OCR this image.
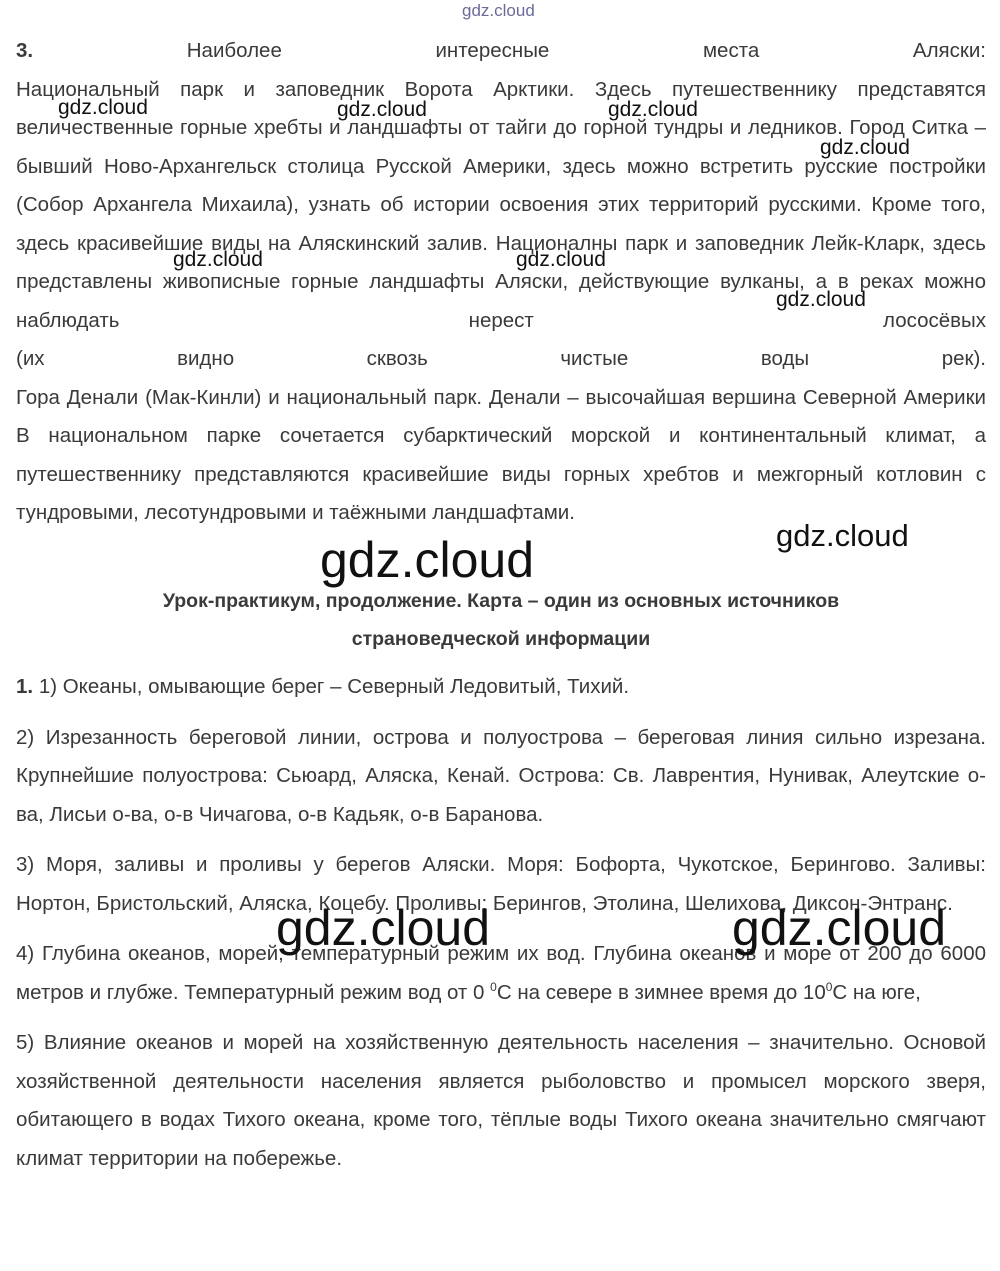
gdz.cloud

3.	Наиболее	интересные	места	Аляски:

Национальный парк и заповедник Ворота Арктики. Здесь путешественнику представятся величественные горные хребты и ландшафты от тайги до горной тундры и ледников. Город Ситка – бывший Ново-Архангельск столица Русской Америки, здесь можно встретить русские постройки (Собор Архангела Михаила), узнать об истории освоения этих территорий русскими. Кроме того, здесь красивейшие виды на Аляскинский залив. Националны парк и заповедник Лейк-Кларк, здесь представлены живописные горные ландшафты Аляски, действующие вулканы, а в реках можно наблюдать нерест лососёвых

(их видно сквозь чистые воды рек).

Гора Денали (Мак-Кинли) и национальный парк. Денали – высочайшая вершина Северной Америки В национальном парке сочетается субарктический морской и континентальный климат, а путешественнику представляются красивейшие виды горных хребтов и межгорный котловин с тундровыми, лесотундровыми и таёжными ландшафтами.

Урок-практикум, продолжение. Карта – один из основных источников

страноведческой информации

1. 1) Океаны, омывающие берег – Северный Ледовитый, Тихий.

2) Изрезанность береговой линии, острова и полуострова – береговая линия сильно изрезана. Крупнейшие полуострова: Сьюард, Аляска, Кенай. Острова: Св. Лаврентия, Нунивак, Алеутские о-ва, Лисьи о-ва, о-в Чичагова, о-в Кадьяк, о-в Баранова.

3) Моря, заливы и проливы у берегов Аляски. Моря: Бофорта, Чукотское, Берингово. Заливы: Нортон, Бристольский, Аляска, Коцебу. Проливы: Берингов, Этолина, Шелихова, Диксон-Энтранс.

4) Глубина океанов, морей, температурный режим их вод. Глубина океанов и море от 200 до 6000 метров и глубже. Температурный режим вод от 0 $^0$С на севере в зимнее время до $10^0С$ на юге,

5) Влияние океанов и морей на хозяйственную деятельность населения – значительно. Основой хозяйственной деятельности населения является рыболовство и промысел морского зверя, обитающего в водах Тихого океана, кроме того, тёплые воды Тихого океана значительно смягчают климат территории на побережье.

gdz.cloud	gdz.cloud	gdz.cloud
gdz.cloud
gdz.cloud	gdz.cloud
gdz.cloud
gdz.cloud
gdz.cloud
gdz.cloud	gdz.cloud
